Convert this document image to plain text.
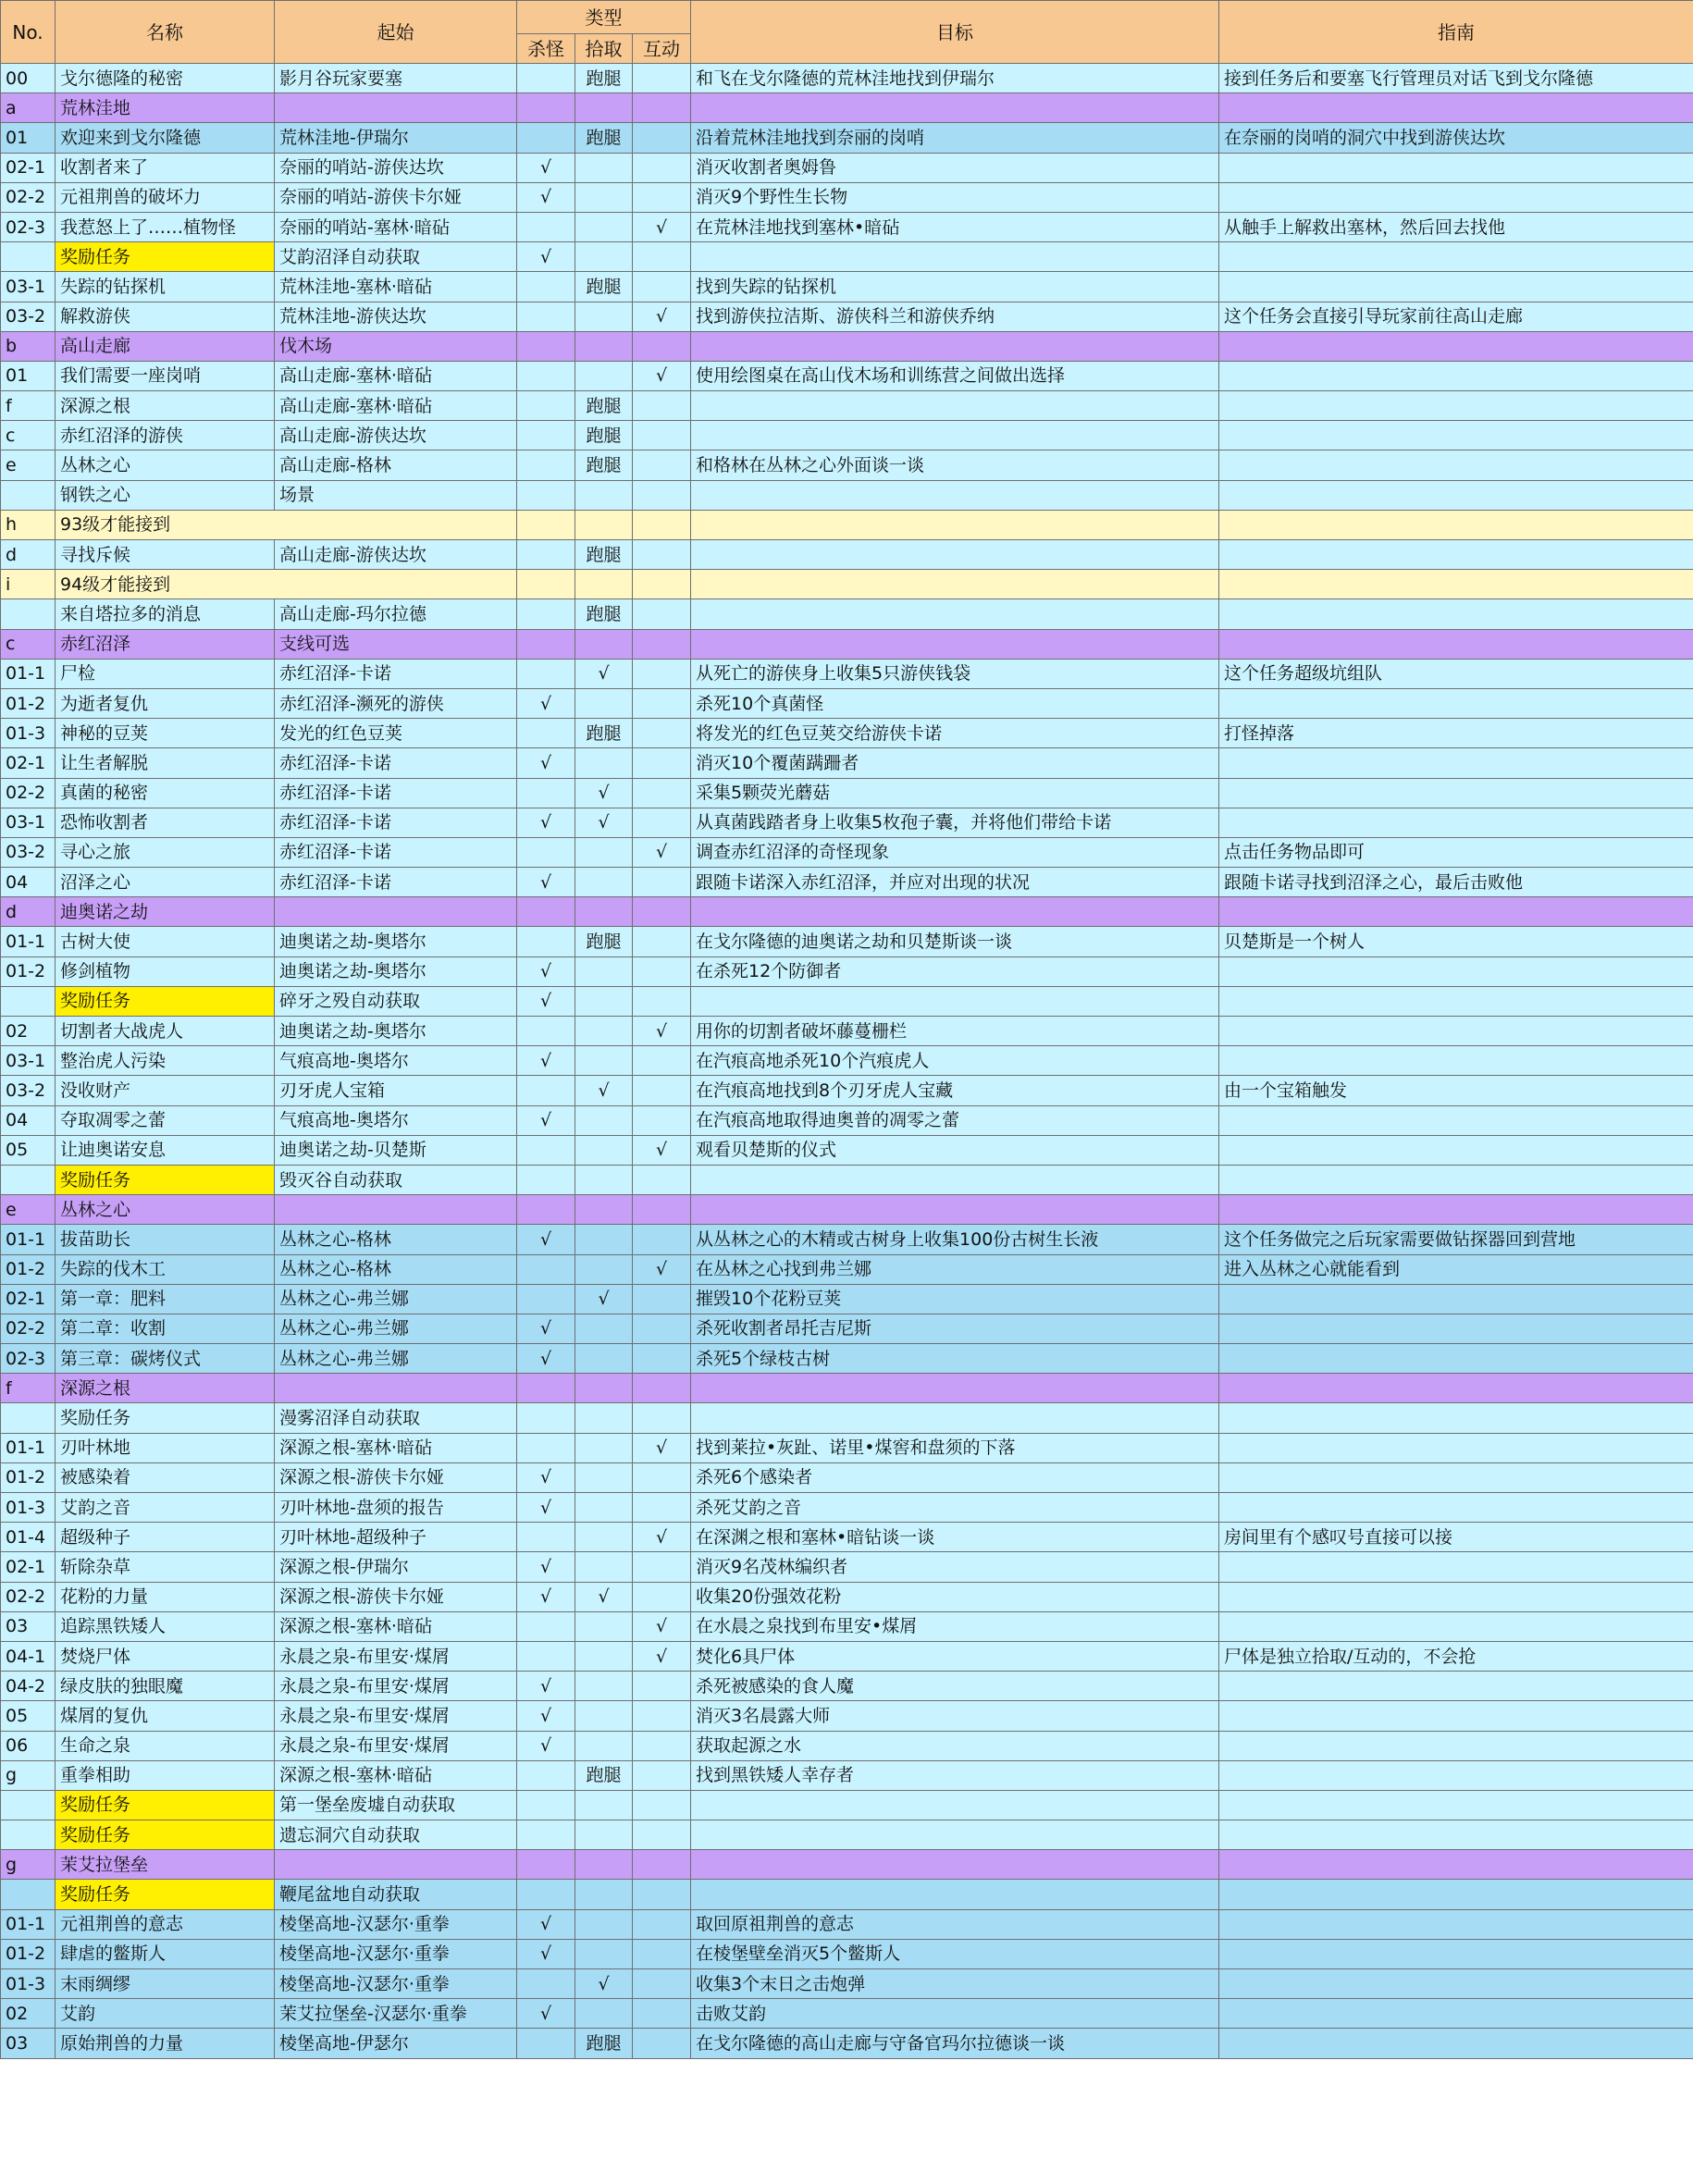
No.	名称	起始	类型			目标	指南
			杀怪	拾取	互动		
00	戈尔德隆的秘密	影月谷玩家要塞		跑腿		和飞在戈尔隆德的荒林洼地找到伊瑞尔	接到任务后和要塞飞行管理员对话飞到戈尔隆德
a	荒林洼地						
01	欢迎来到戈尔隆德	荒林洼地-伊瑞尔		跑腿		沿着荒林洼地找到奈丽的岗哨	在奈丽的岗哨的洞穴中找到游侠达坎
02-1	收割者来了	奈丽的哨站-游侠达坎	√			消灭收割者奥姆鲁	
02-2	元祖荆兽的破坏力	奈丽的哨站-游侠卡尔娅	√			消灭9个野性生长物	
02-3	我惹怒上了……植物怪	奈丽的哨站-塞林·暗砧			√	在荒林洼地找到塞林•暗砧	从触手上解救出塞林，然后回去找他
	奖励任务	艾韵沼泽自动获取	√				
03-1	失踪的钻探机	荒林洼地-塞林·暗砧		跑腿		找到失踪的钻探机	
03-2	解救游侠	荒林洼地-游侠达坎			√	找到游侠拉洁斯、游侠科兰和游侠乔纳	这个任务会直接引导玩家前往高山走廊
b	高山走廊	伐木场					
01	我们需要一座岗哨	高山走廊-塞林·暗砧			√	使用绘图桌在高山伐木场和训练营之间做出选择	
f	深源之根	高山走廊-塞林·暗砧		跑腿			
c	赤红沼泽的游侠	高山走廊-游侠达坎		跑腿			
e	丛林之心	高山走廊-格林		跑腿		和格林在丛林之心外面谈一谈	
	钢铁之心	场景					
h	93级才能接到						
d	寻找斥候	高山走廊-游侠达坎		跑腿			
i	94级才能接到						
	来自塔拉多的消息	高山走廊-玛尔拉德		跑腿			
c	赤红沼泽	支线可选					
01-1	尸检	赤红沼泽-卡诺		√		从死亡的游侠身上收集5只游侠钱袋	这个任务超级坑组队
01-2	为逝者复仇	赤红沼泽-濒死的游侠	√			杀死10个真菌怪	
01-3	神秘的豆荚	发光的红色豆荚		跑腿		将发光的红色豆荚交给游侠卡诺	打怪掉落
02-1	让生者解脱	赤红沼泽-卡诺	√			消灭10个覆菌蹒跚者	
02-2	真菌的秘密	赤红沼泽-卡诺		√		采集5颗荧光蘑菇	
03-1	恐怖收割者	赤红沼泽-卡诺	√	√		从真菌践踏者身上收集5枚孢子囊，并将他们带给卡诺	
03-2	寻心之旅	赤红沼泽-卡诺			√	调查赤红沼泽的奇怪现象	点击任务物品即可
04	沼泽之心	赤红沼泽-卡诺	√			跟随卡诺深入赤红沼泽，并应对出现的状况	跟随卡诺寻找到沼泽之心，最后击败他
d	迪奥诺之劫						
01-1	古树大使	迪奥诺之劫-奥塔尔		跑腿		在戈尔隆德的迪奥诺之劫和贝楚斯谈一谈	贝楚斯是一个树人
01-2	修剑植物	迪奥诺之劫-奥塔尔	√			在杀死12个防御者	
	奖励任务	碎牙之殁自动获取	√				
02	切割者大战虎人	迪奥诺之劫-奥塔尔			√	用你的切割者破坏藤蔓栅栏	
03-1	整治虎人污染	气痕高地-奥塔尔	√			在汽痕高地杀死10个汽痕虎人	
03-2	没收财产	刃牙虎人宝箱		√		在汽痕高地找到8个刃牙虎人宝藏	由一个宝箱触发
04	夺取凋零之蕾	气痕高地-奥塔尔	√			在汽痕高地取得迪奥普的凋零之蕾	
05	让迪奥诺安息	迪奥诺之劫-贝楚斯			√	观看贝楚斯的仪式	
	奖励任务	毁灭谷自动获取					
e	丛林之心						
01-1	拔苗助长	丛林之心-格林	√			从丛林之心的木精或古树身上收集100份古树生长液	这个任务做完之后玩家需要做钻探器回到营地
01-2	失踪的伐木工	丛林之心-格林			√	在丛林之心找到弗兰娜	进入丛林之心就能看到
02-1	第一章：肥料	丛林之心-弗兰娜		√		摧毁10个花粉豆荚	
02-2	第二章：收割	丛林之心-弗兰娜	√			杀死收割者昂托吉尼斯	
02-3	第三章：碳烤仪式	丛林之心-弗兰娜	√			杀死5个绿枝古树	
f	深源之根						
	奖励任务	漫雾沼泽自动获取					
01-1	刃叶林地	深源之根-塞林·暗砧			√	找到莱拉•灰趾、诺里•煤窖和盘须的下落	
01-2	被感染着	深源之根-游侠卡尔娅	√			杀死6个感染者	
01-3	艾韵之音	刃叶林地-盘须的报告	√			杀死艾韵之音	
01-4	超级种子	刃叶林地-超级种子			√	在深渊之根和塞林•暗钻谈一谈	房间里有个感叹号直接可以接
02-1	斩除杂草	深源之根-伊瑞尔	√			消灭9名茂林编织者	
02-2	花粉的力量	深源之根-游侠卡尔娅	√	√		收集20份强效花粉	
03	追踪黑铁矮人	深源之根-塞林·暗砧			√	在水晨之泉找到布里安•煤屑	
04-1	焚烧尸体	永晨之泉-布里安·煤屑			√	焚化6具尸体	尸体是独立拾取/互动的，不会抢
04-2	绿皮肤的独眼魔	永晨之泉-布里安·煤屑	√			杀死被感染的食人魔	
05	煤屑的复仇	永晨之泉-布里安·煤屑	√			消灭3名晨露大师	
06	生命之泉	永晨之泉-布里安·煤屑	√			获取起源之水	
g	重拳相助	深源之根-塞林·暗砧		跑腿		找到黑铁矮人幸存者	
	奖励任务	第一堡垒废墟自动获取					
	奖励任务	遗忘洞穴自动获取					
g	茉艾拉堡垒						
	奖励任务	鞭尾盆地自动获取					
01-1	元祖荆兽的意志	棱堡高地-汉瑟尔·重拳	√			取回原祖荆兽的意志	
01-2	肆虐的鳖斯人	棱堡高地-汉瑟尔·重拳	√			在棱堡壁垒消灭5个鳖斯人	
01-3	末雨绸缪	棱堡高地-汉瑟尔·重拳		√		收集3个末日之击炮弹	
02	艾韵	茉艾拉堡垒-汉瑟尔·重拳	√			击败艾韵	
03	原始荆兽的力量	棱堡高地-伊瑟尔		跑腿		在戈尔隆德的高山走廊与守备官玛尔拉德谈一谈	
